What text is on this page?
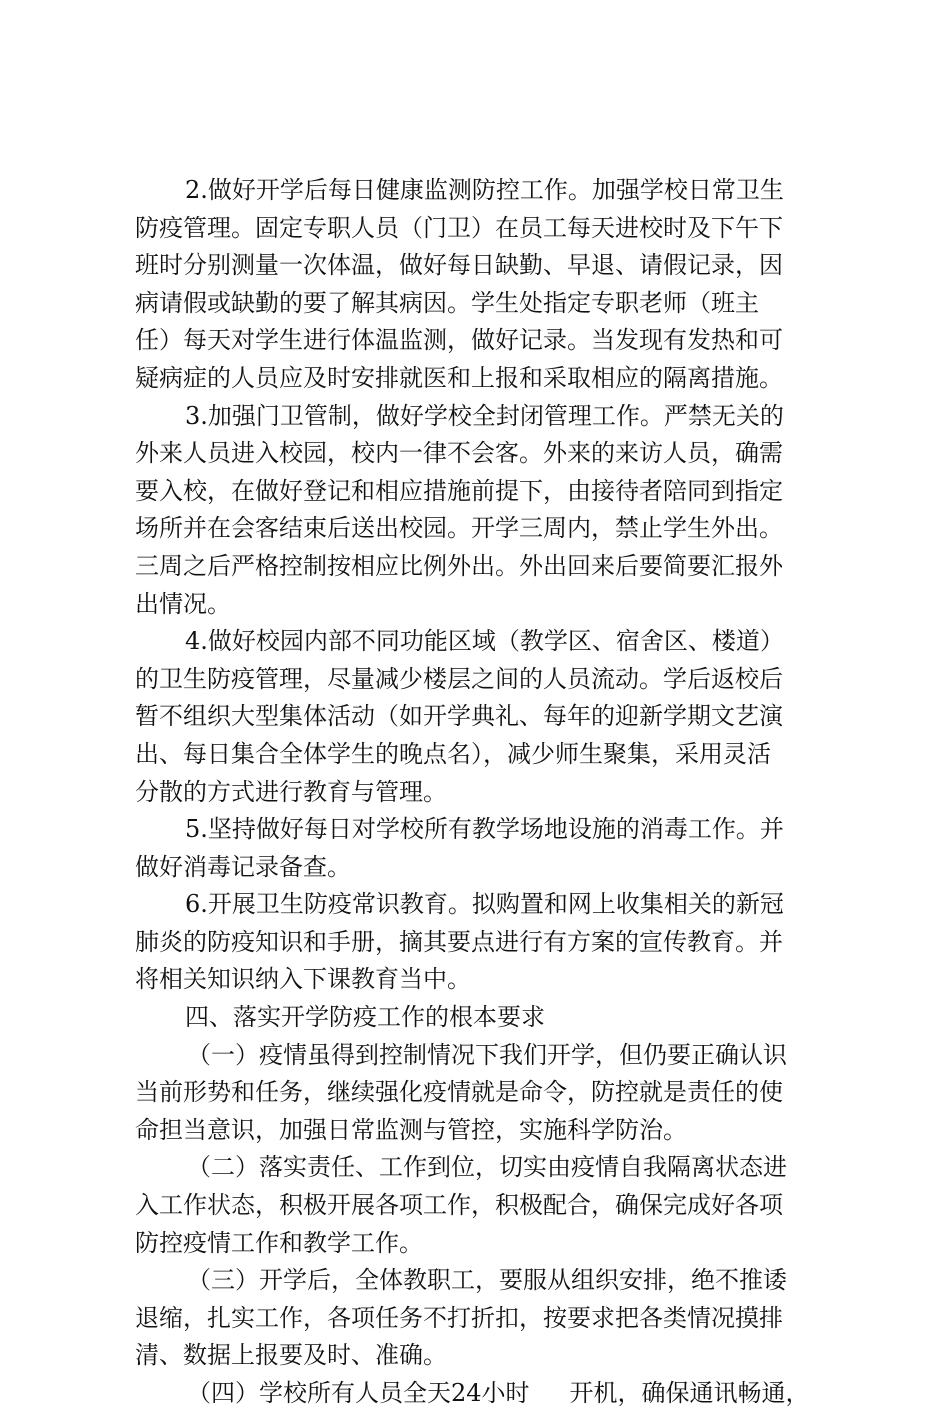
2.做好开学后每日健康监测防控工作。加强学校日常卫生
防疫管理。固定专职人员（门卫）在员工每天进校时及下午下
班时分别测量一次体温，做好每日缺勤、早退、请假记录，因
病请假或缺勤的要了解其病因。学生处指定专职老师（班主
任）每天对学生进行体温监测，做好记录。当发现有发热和可
疑病症的人员应及时安排就医和上报和采取相应的隔离措施。
3.加强门卫管制，做好学校全封闭管理工作。严禁无关的
外来人员进入校园，校内一律不会客。外来的来访人员，确需
要入校，在做好登记和相应措施前提下，由接待者陪同到指定
场所并在会客结束后送出校园。开学三周内，禁止学生外出。
三周之后严格控制按相应比例外出。外出回来后要简要汇报外
出情况。
4.做好校园内部不同功能区域（教学区、宿舍区、楼道）
的卫生防疫管理，尽量减少楼层之间的人员流动。学后返校后
暂不组织大型集体活动（如开学典礼、每年的迎新学期文艺演
出、每日集合全体学生的晚点名），减少师生聚集，采用灵活
分散的方式进行教育与管理。
5.坚持做好每日对学校所有教学场地设施的消毒工作。并
做好消毒记录备查。
6.开展卫生防疫常识教育。拟购置和网上收集相关的新冠
肺炎的防疫知识和手册，摘其要点进行有方案的宣传教育。并
将相关知识纳入下课教育当中。
四、落实开学防疫工作的根本要求
（一）疫情虽得到控制情况下我们开学，但仍要正确认识
当前形势和任务，继续强化疫情就是命令，防控就是责任的使
命担当意识，加强日常监测与管控，实施科学防治。
（二）落实责任、工作到位，切实由疫情自我隔离状态进
入工作状态，积极开展各项工作，积极配合，确保完成好各项
防控疫情工作和教学工作。
（三）开学后，全体教职工，要服从组织安排，绝不推诿
退缩，扎实工作，各项任务不打折扣，按要求把各类情况摸排
清、数据上报要及时、准确。
（四）学校所有人员全天24小时 开机，确保通讯畅通，
